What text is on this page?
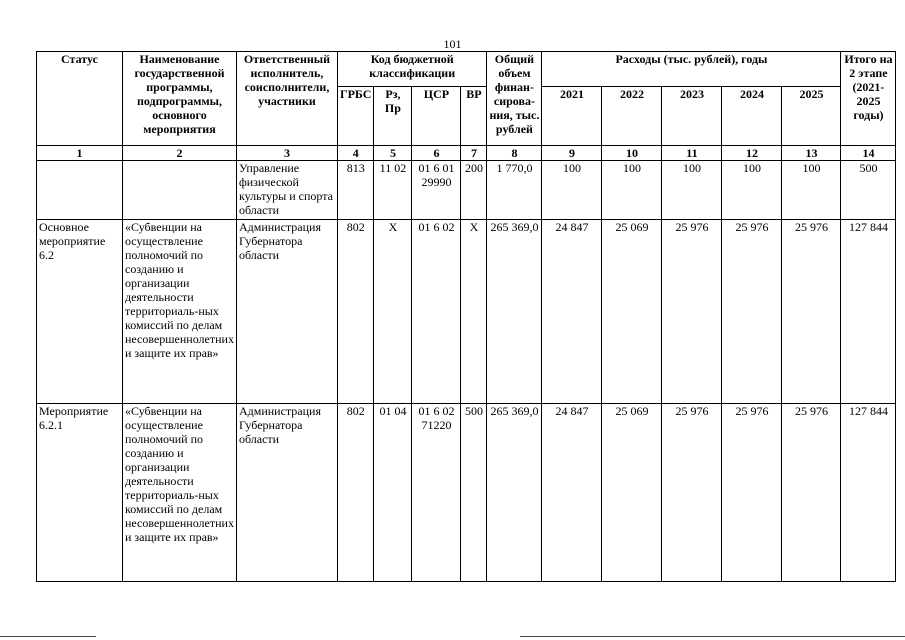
101
Статус	Наименование государственной программы, подпрограммы, основного мероприятия	Ответственный исполнитель, соисполнители, участники	Код бюджетной классификации				Общий объем финан-сирова-ния, тыс. рублей	Расходы (тыс. рублей), годы					Итого на 2 этапе (2021-2025 годы)
			ГРБС	Рз, Пр	ЦСР	ВР		2021	2022	2023	2024	2025	
1	2	3	4	5	6	7	8	9	10	11	12	13	14
		Управление физической культуры и спорта области	813	11 02	01 6 01 29990	200	1 770,0	100	100	100	100	100	500
Основное мероприятие 6.2	«Субвенции на осуществление полномочий по созданию и организации деятельности территориаль-ных комиссий по делам несовершеннолетних и защите их прав»	Администрация Губернатора области	802	X	01 6 02	X	265 369,0	24 847	25 069	25 976	25 976	25 976	127 844
Мероприятие 6.2.1	«Субвенции на осуществление полномочий по созданию и организации деятельности территориаль-ных комиссий по делам несовершеннолетних и защите их прав»	Администрация Губернатора области	802	01 04	01 6 02 71220	500	265 369,0	24 847	25 069	25 976	25 976	25 976	127 844
